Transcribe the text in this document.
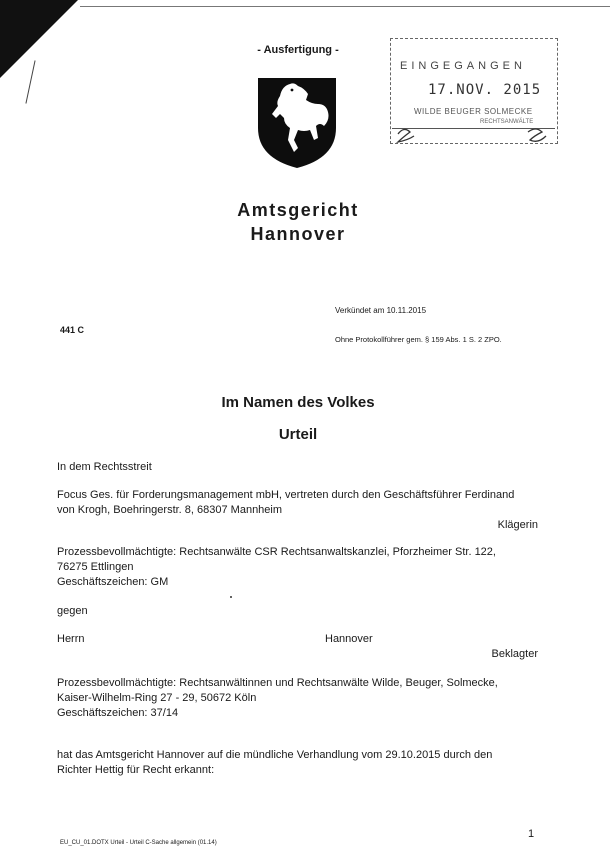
- Ausfertigung -
EINGEGANGEN
17.NOV. 2015
WILDE BEUGER SOLMECKE
RECHTSANWÄLTE
Amtsgericht
Hannover
Verkündet am 10.11.2015
441 C
Ohne Protokollführer gem. § 159 Abs. 1 S. 2 ZPO.
Im Namen des Volkes
Urteil
In dem Rechtsstreit
Focus Ges. für Forderungsmanagement mbH, vertreten durch den Geschäftsführer Ferdinand
von Krogh, Boehringerstr. 8, 68307 Mannheim
Klägerin
Prozessbevollmächtigte: Rechtsanwälte CSR Rechtsanwaltskanzlei, Pforzheimer Str. 122,
76275 Ettlingen
Geschäftszeichen: GM
gegen
Herrn	Hannover
Beklagter
Prozessbevollmächtigte: Rechtsanwältinnen und Rechtsanwälte Wilde, Beuger, Solmecke,
Kaiser-Wilhelm-Ring 27 - 29, 50672 Köln
Geschäftszeichen: 37/14
hat das Amtsgericht Hannover auf die mündliche Verhandlung vom 29.10.2015 durch den
Richter Hettig für Recht erkannt:
1
EU_CU_01.DOTX Urteil - Urteil C-Sache allgemein (01.14)
